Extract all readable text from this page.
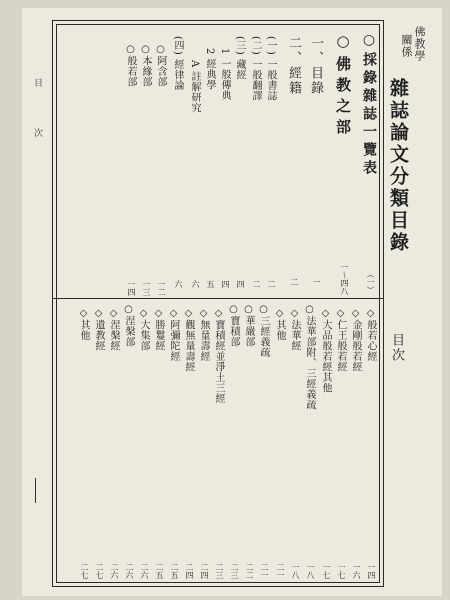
佛教學
關係
雜誌論文分類目錄
目次
○採錄雜誌一覽表
（一）
○佛教之部
一〜四八
一、目錄
一
二、經籍
二
(一) 一般書誌
二
(二) 一般翻譯
二
(三) 藏經
四
1 一般傳典
四
2 經典學
五
A 註解研究
六
(四) 經律論
六
○阿含部
一二
○本緣部
一三
○般若部
一四
◇般若心經
一四
◇金剛般若經
一六
◇仁王般若經
一七
◇大品般若經其他
一七
○法華部附、三經義疏
一八
◇法華經
一八
◇其他
二一
○三經義疏
二一
○華嚴部
二二
○寶積部
二三
◇寶積經並淨土三經
二三
◇無量壽經
二四
◇觀無量壽經
二四
◇阿彌陀經
二五
◇勝鬘經
二五
◇大集部
二六
○涅槃部
二六
◇涅槃經
二六
◇遺教經
二七
◇其他
二七
目
次
